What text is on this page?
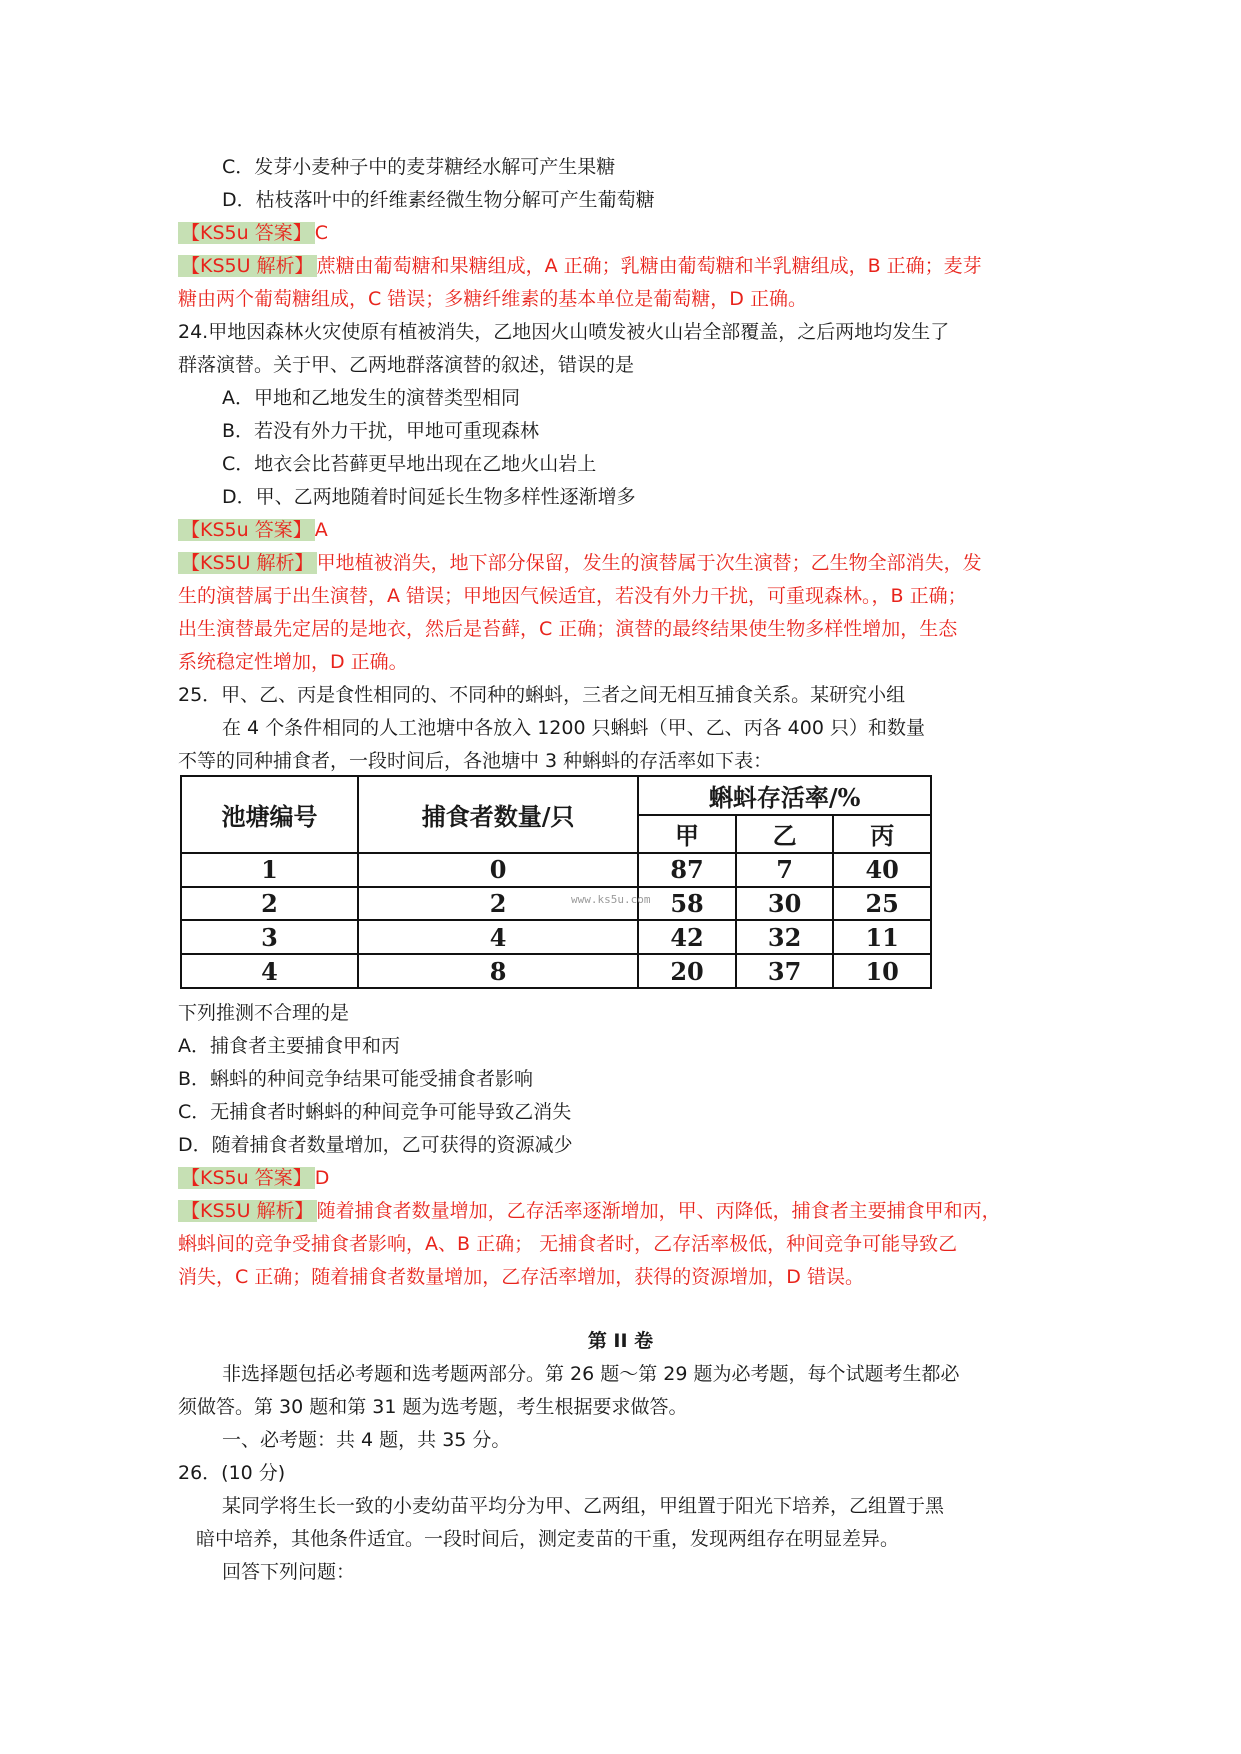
C．发芽小麦种子中的麦芽糖经水解可产生果糖
D．枯枝落叶中的纤维素经微生物分解可产生葡萄糖
【KS5u 答案】 C
【KS5U 解析】 蔗糖由葡萄糖和果糖组成，A 正确；乳糖由葡萄糖和半乳糖组成，B 正确；麦芽
糖由两个葡萄糖组成，C 错误；多糖纤维素的基本单位是葡萄糖，D 正确。
24.甲地因森林火灾使原有植被消失，乙地因火山喷发被火山岩全部覆盖，之后两地均发生了
群落演替。关于甲、乙两地群落演替的叙述，错误的是
A．甲地和乙地发生的演替类型相同
B．若没有外力干扰，甲地可重现森林
C．地衣会比苔藓更早地出现在乙地火山岩上
D．甲、乙两地随着时间延长生物多样性逐渐增多
【KS5u 答案】 A
【KS5U 解析】 甲地植被消失，地下部分保留，发生的演替属于次生演替；乙生物全部消失，发
生的演替属于出生演替，A 错误；甲地因气候适宜，若没有外力干扰，可重现森林。，B 正确；
出生演替最先定居的是地衣，然后是苔藓，C 正确；演替的最终结果使生物多样性增加，生态
系统稳定性增加，D 正确。
25．甲、乙、丙是食性相同的、不同种的蝌蚪，三者之间无相互捕食关系。某研究小组
在 4 个条件相同的人工池塘中各放入 1200 只蝌蚪（甲、乙、丙各 400 只）和数量
不等的同种捕食者，一段时间后，各池塘中 3 种蝌蚪的存活率如下表：
池塘编号	捕食者数量/只	蝌蚪存活率/%		
		甲	乙	丙
1	0	87	7	40
2	2	58	30	25
3	4	42	32	11
4	8	20	37	10
www.ks5u.com
下列推测不合理的是
A．捕食者主要捕食甲和丙
B．蝌蚪的种间竞争结果可能受捕食者影响
C．无捕食者时蝌蚪的种间竞争可能导致乙消失
D．随着捕食者数量增加，乙可获得的资源减少
【KS5u 答案】 D
【KS5U 解析】 随着捕食者数量增加，乙存活率逐渐增加，甲、丙降低，捕食者主要捕食甲和丙，
蝌蚪间的竞争受捕食者影响，A、B 正确； 无捕食者时，乙存活率极低，种间竞争可能导致乙
消失，C 正确；随着捕食者数量增加，乙存活率增加，获得的资源增加，D 错误。
第 II 卷
非选择题包括必考题和选考题两部分。第 26 题～第 29 题为必考题，每个试题考生都必
须做答。第 30 题和第 31 题为选考题，考生根据要求做答。
一、必考题：共 4 题，共 35 分。
26．(10 分)
某同学将生长一致的小麦幼苗平均分为甲、乙两组，甲组置于阳光下培养，乙组置于黑
暗中培养，其他条件适宜。一段时间后，测定麦苗的干重，发现两组存在明显差异。
回答下列问题：
